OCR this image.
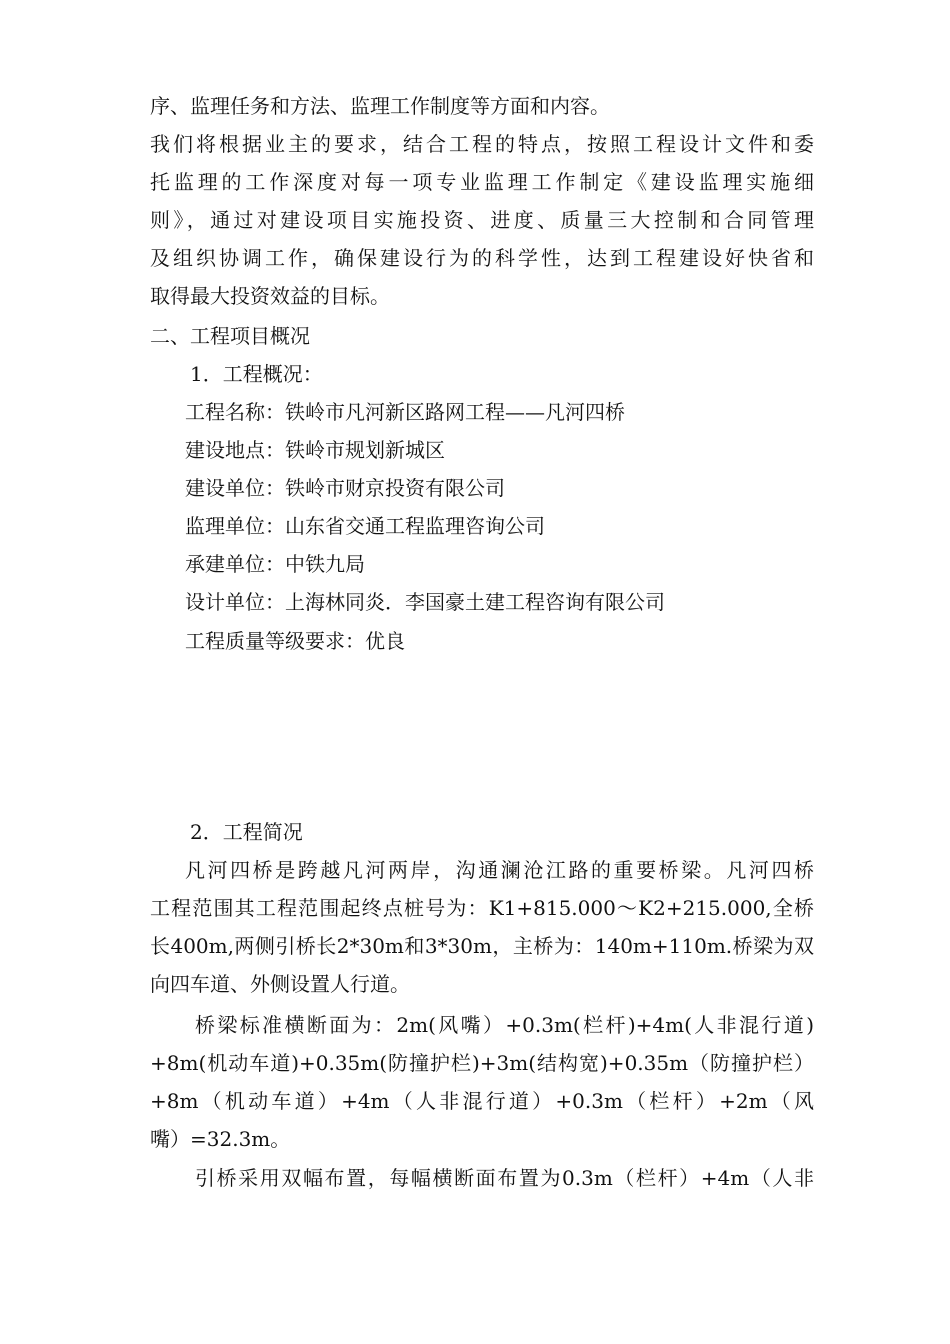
序、监理任务和方法、监理工作制度等方面和内容。

我们将根据业主的要求，结合工程的特点，按照工程设计文件和委

托监理的工作深度对每一项专业监理工作制定《建设监理实施细

则》，通过对建设项目实施投资、进度、质量三大控制和合同管理

及组织协调工作，确保建设行为的科学性，达到工程建设好快省和

取得最大投资效益的目标。

二、工程项目概况

1．工程概况：

工程名称：铁岭市凡河新区路网工程——凡河四桥

建设地点：铁岭市规划新城区

建设单位：铁岭市财京投资有限公司

监理单位：山东省交通工程监理咨询公司

承建单位：中铁九局

设计单位：上海林同炎．李国豪土建工程咨询有限公司

工程质量等级要求：优良

2．工程简况

凡河四桥是跨越凡河两岸，沟通澜沧江路的重要桥梁。凡河四桥

工程范围其工程范围起终点桩号为：K1+815.000～K2+215.000,全桥

长400m,两侧引桥长2*30m和3*30m，主桥为：140m+110m.桥梁为双

向四车道、外侧设置人行道。

桥梁标准横断面为：2m(风嘴）+0.3m(栏杆)+4m(人非混行道)

+8m(机动车道)+0.35m(防撞护栏)+3m(结构宽)+0.35m（防撞护栏）

+8m（机动车道）+4m（人非混行道）+0.3m（栏杆）+2m（风

嘴）=32.3m。

引桥采用双幅布置，每幅横断面布置为0.3m（栏杆）+4m（人非
